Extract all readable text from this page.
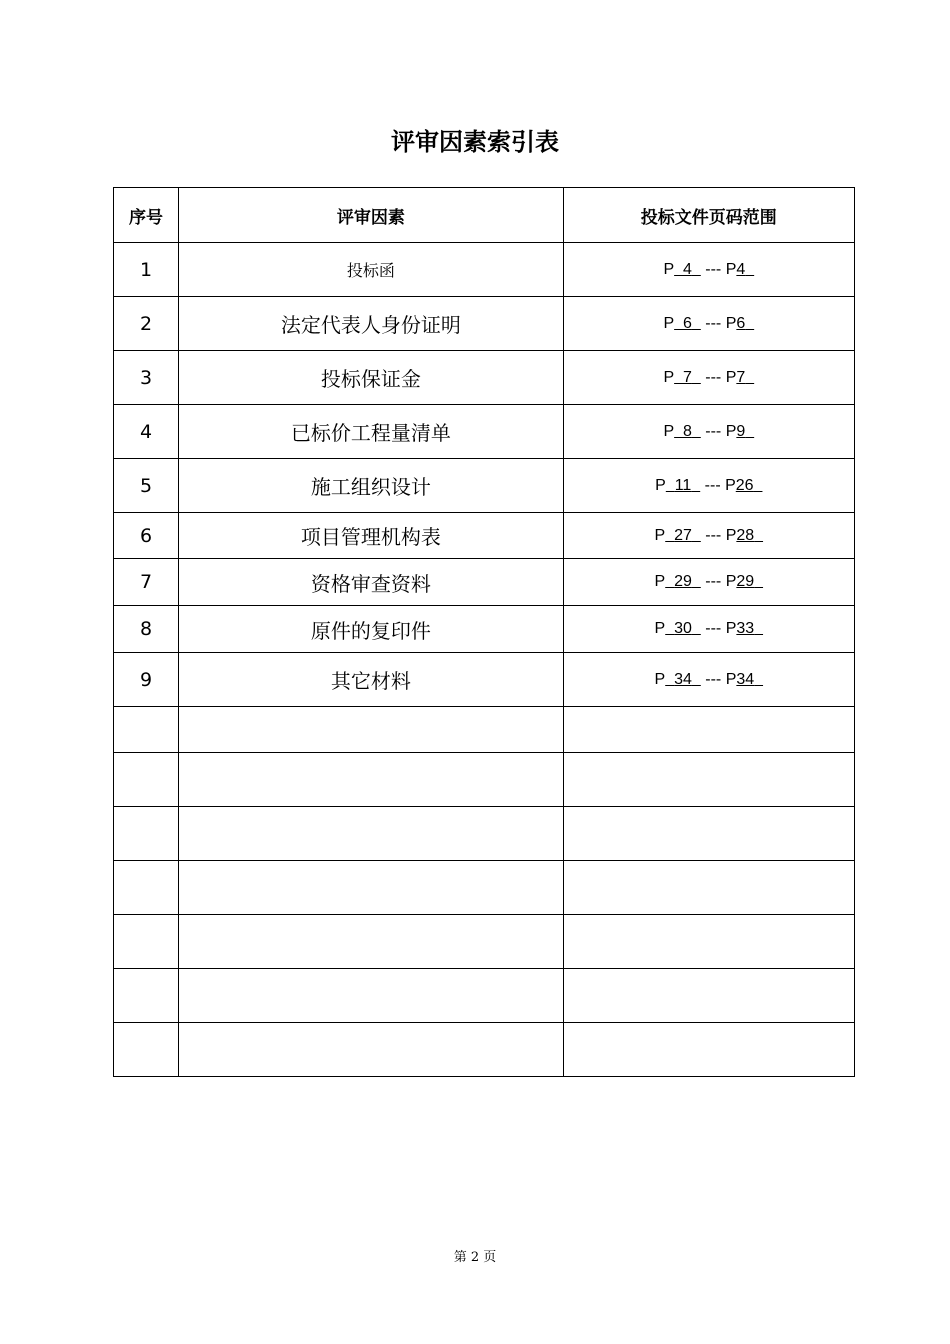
评审因素索引表
序号	评审因素	投标文件页码范围
1	投标函	P 4 --- P4
2	法定代表人身份证明	P 6 --- P6
3	投标保证金	P 7 --- P7
4	已标价工程量清单	P 8 --- P9
5	施工组织设计	P 11 --- P26
6	项目管理机构表	P 27 --- P28
7	资格审查资料	P 29 --- P29
8	原件的复印件	P 30 --- P33
9	其它材料	P 34 --- P34

第 2 页
